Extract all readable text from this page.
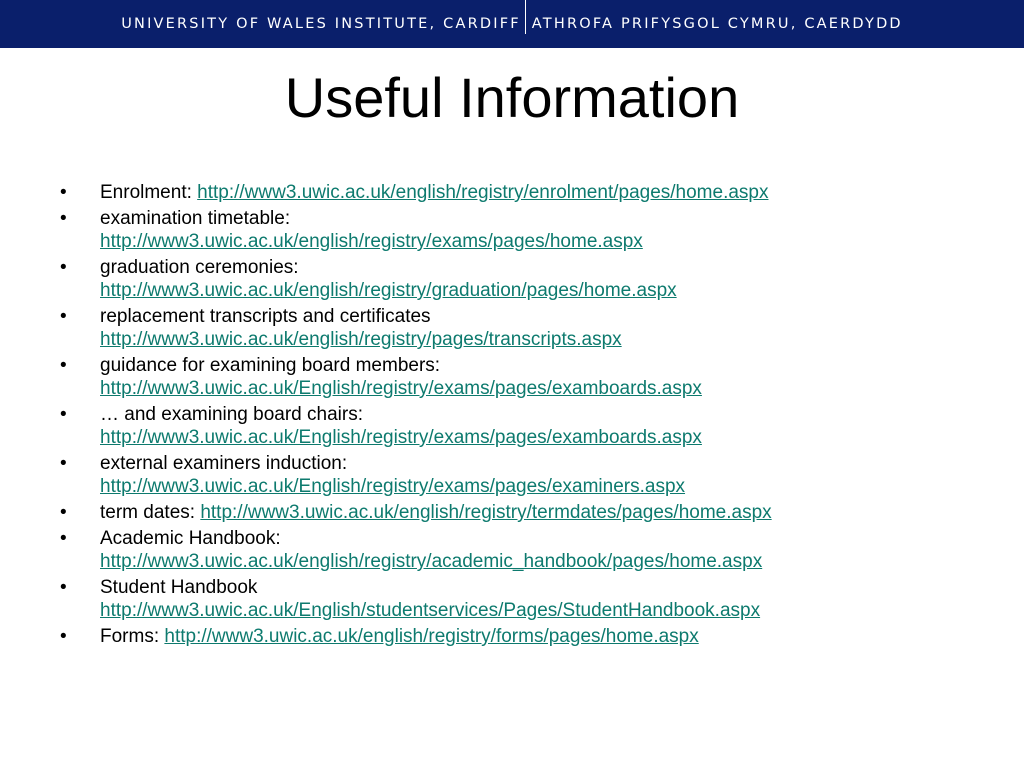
UNIVERSITY OF WALES INSTITUTE, CARDIFF ATHROFA PRIFYSGOL CYMRU, CAERDYDD
Useful Information
•	Enrolment: http://www3.uwic.ac.uk/english/registry/enrolment/pages/home.aspx
•	examination timetable:
http://www3.uwic.ac.uk/english/registry/exams/pages/home.aspx
•	graduation ceremonies:
http://www3.uwic.ac.uk/english/registry/graduation/pages/home.aspx
•	replacement transcripts and certificates
http://www3.uwic.ac.uk/english/registry/pages/transcripts.aspx
•	guidance for examining board members:
http://www3.uwic.ac.uk/English/registry/exams/pages/examboards.aspx
•	… and examining board chairs:
http://www3.uwic.ac.uk/English/registry/exams/pages/examboards.aspx
•	external examiners induction:
http://www3.uwic.ac.uk/English/registry/exams/pages/examiners.aspx
•	term dates: http://www3.uwic.ac.uk/english/registry/termdates/pages/home.aspx
•	Academic Handbook:
http://www3.uwic.ac.uk/english/registry/academic_handbook/pages/home.aspx
•	Student Handbook
http://www3.uwic.ac.uk/English/studentservices/Pages/StudentHandbook.aspx
•	Forms: http://www3.uwic.ac.uk/english/registry/forms/pages/home.aspx
